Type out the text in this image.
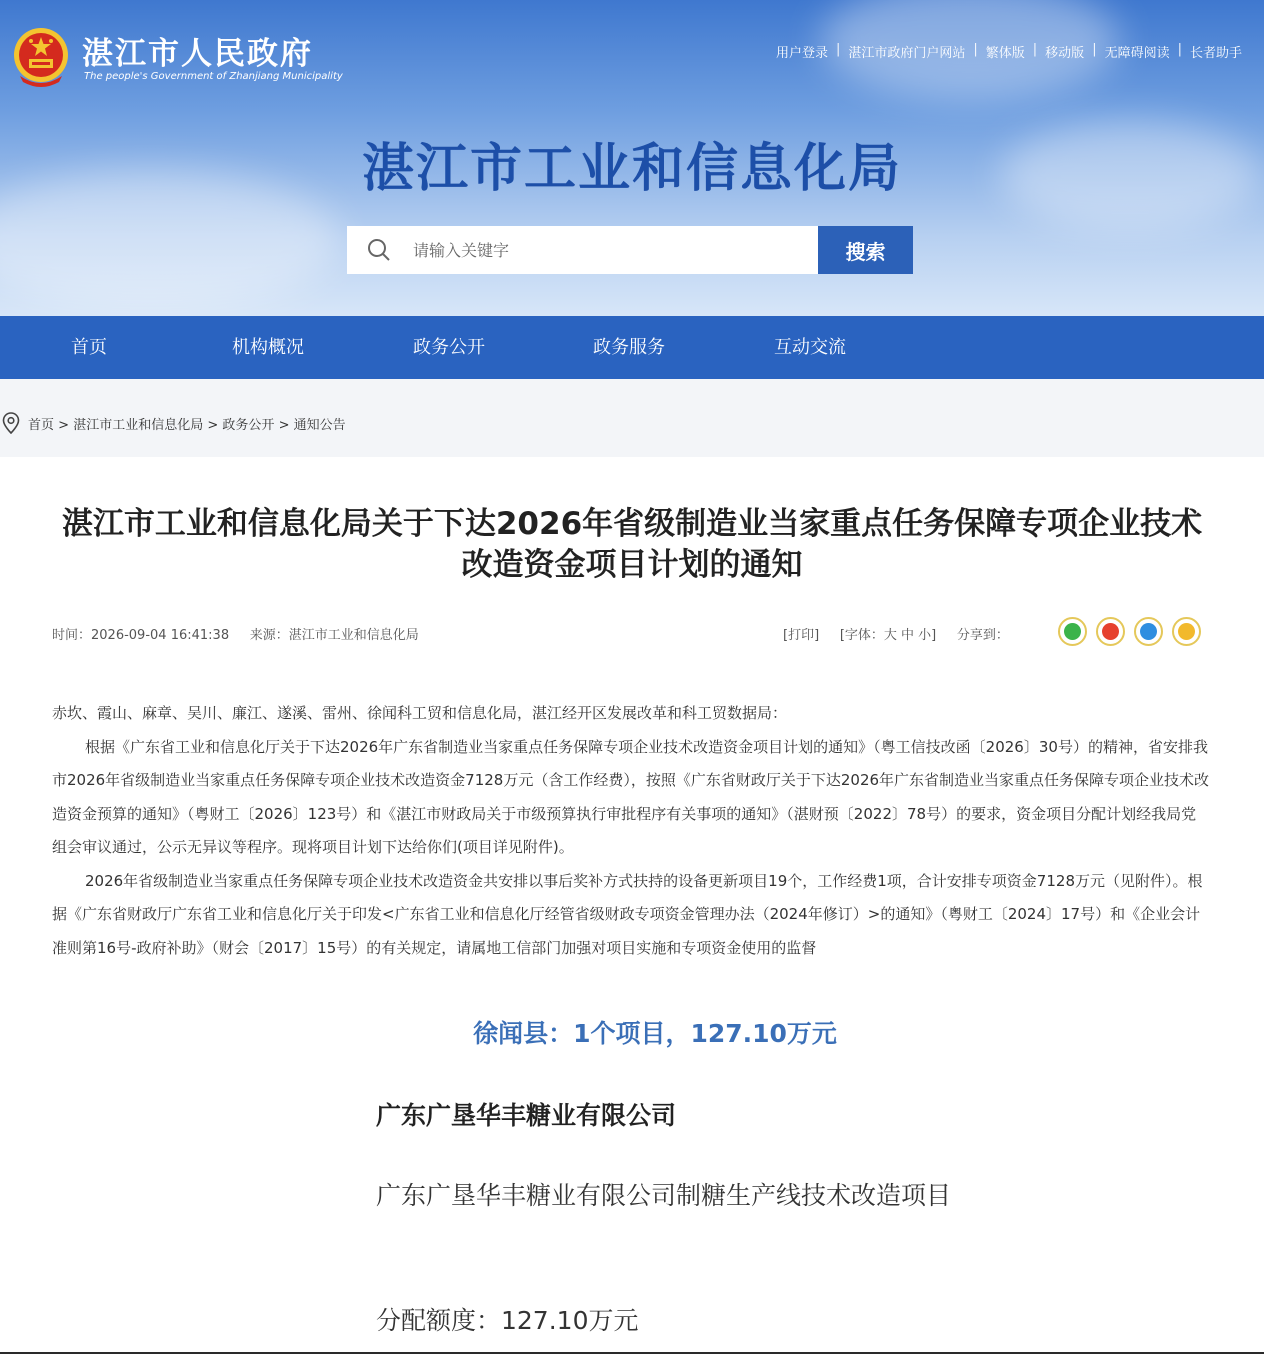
湛江市人民政府
The people's Government of Zhanjiang Municipality
用户登录 | 湛江市政府门户网站 | 繁体版 | 移动版 | 无障碍阅读 | 长者助手
湛江市工业和信息化局
请输入关键字
搜索
首页	机构概况	政务公开	政务服务	互动交流
首页 > 湛江市工业和信息化局 > 政务公开 > 通知公告
湛江市工业和信息化局关于下达2026年省级制造业当家重点任务保障专项企业技术改造资金项目计划的通知
时间：2026-09-04 16:41:38 来源：湛江市工业和信息化局	[打印] [字体：大 中 小] 分享到：

赤坎、霞山、麻章、吴川、廉江、遂溪、雷州、徐闻科工贸和信息化局，湛江经开区发展改革和科工贸数据局：

根据《广东省工业和信息化厅关于下达2026年广东省制造业当家重点任务保障专项企业技术改造资金项目计划的通知》（粤工信技改函〔2026〕30号）的精神，省安排我市2026年省级制造业当家重点任务保障专项企业技术改造资金7128万元（含工作经费），按照《广东省财政厅关于下达2026年广东省制造业当家重点任务保障专项企业技术改造资金预算的通知》（粤财工〔2026〕123号）和《湛江市财政局关于市级预算执行审批程序有关事项的通知》（湛财预〔2022〕78号）的要求，资金项目分配计划经我局党组会审议通过，公示无异议等程序。现将项目计划下达给你们(项目详见附件)。

2026年省级制造业当家重点任务保障专项企业技术改造资金共安排以事后奖补方式扶持的设备更新项目19个，工作经费1项，合计安排专项资金7128万元（见附件）。根据《广东省财政厅广东省工业和信息化厅关于印发<广东省工业和信息化厅经管省级财政专项资金管理办法（2024年修订）>的通知》（粤财工〔2024〕17号）和《企业会计准则第16号-政府补助》（财会〔2017〕15号）的有关规定，请属地工信部门加强对项目实施和专项资金使用的监督

徐闻县：1个项目，127.10万元
广东广垦华丰糖业有限公司
广东广垦华丰糖业有限公司制糖生产线技术改造项目
分配额度：127.10万元
